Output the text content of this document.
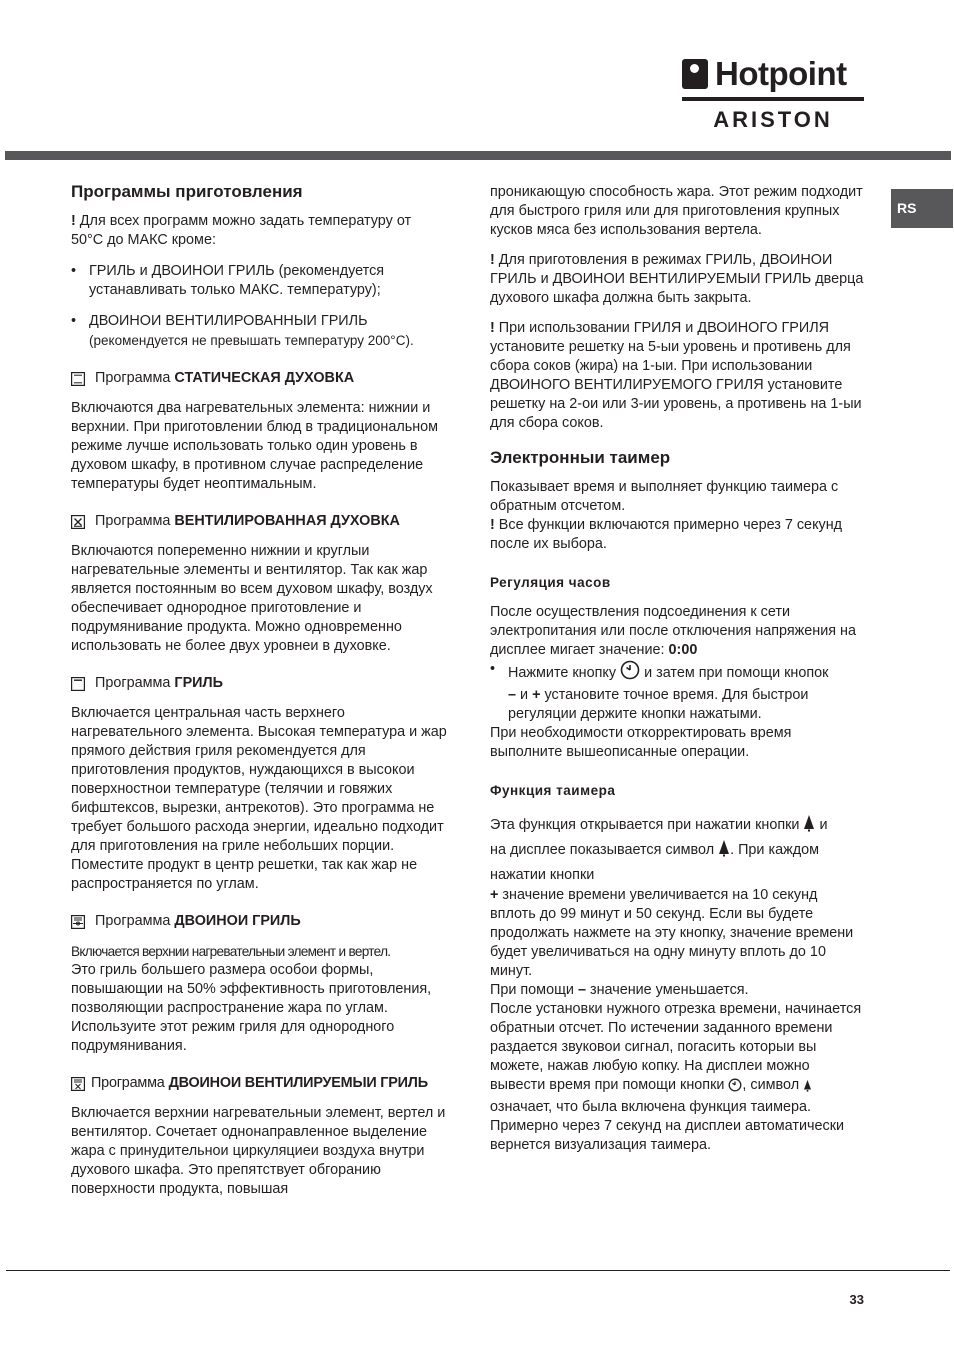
Hotpoint
ARISTON
RS
Программы приготовления

! Для всех программ можно задать температуру от 50°С до МАКС кроме:

• ГРИЛЬ и ДВОИНОИ ГРИЛЬ (рекомендуется устанавливать только МАКС. температуру);
• ДВОИНОИ ВЕНТИЛИРОВАННЫИ ГРИЛЬ
(рекомендуется не превышать температуру 200°С).
Программа СТАТИЧЕСКАЯ ДУХОВКА

Включаются два нагревательных элемента: нижнии и верхнии. При приготовлении блюд в традициональном режиме лучше использовать только один уровень в духовом шкафу, в противном случае распределение температуры будет неоптимальным.

Программа ВЕНТИЛИРОВАННАЯ ДУХОВКА

Включаются поперемeнно нижнии и круглыи нагревательные элементы и вентилятор. Так как жар является постоянным во всем духовом шкафу, воздух обеспечивает однородное приготовление и подрумянивание продукта. Можно одновременно использовать не более двух уровнеи в духовке.

Программа ГРИЛЬ

Включается центральная часть верхнего нагревательного элемента. Высокая температура и жар прямого действия гриля рекомендуется для приготовления продуктов, нуждающихся в высокои поверхностнои температуре (телячии и говяжих бифштексов, вырезки, антрекотов). Это программа не требует большого расхода энергии, идеально подходит для приготовления на гриле небольших порции. Поместите продукт в центр решетки, так как жар не распространяется по углам.

Программа ДВОИНОИ ГРИЛЬ

Включается верхнии нагревательныи элемент и вертел.

Это гриль большего размера особои формы, повышающии на 50% эффективность приготовления, позволяющии распространение жара по углам. Используите этот режим гриля для однородного подрумянивания.

Программа ДВОИНОИ ВЕНТИЛИРУЕМЫИ ГРИЛЬ

Включается верхнии нагревательныи элемент, вертел и вентилятор. Сочетает однонаправленное выделение жара с принудительнои циркуляциеи воздуха внутри духового шкафа. Это препятствует обгоранию поверхности продукта, повышая

проникающую способность жара. Этот режим подходит для быстрого гриля или для приготовления крупных кусков мяса без использования вертела.

! Для приготовления в режимах ГРИЛЬ, ДВОИНОИ ГРИЛЬ и ДВОИНОИ ВЕНТИЛИРУЕМЫИ ГРИЛЬ дверца духового шкафа должна быть закрыта.

! При использовании ГРИЛЯ и ДВОИНОГО ГРИЛЯ установите решетку на 5-ыи уровень и противень для сбора соков (жира) на 1-ыи. При использовании ДВОИНОГО ВЕНТИЛИРУЕМОГО ГРИЛЯ установите решетку на 2-ои или 3-ии уровень, а противень на 1-ыи для сбора соков.

Электронныи таимер

Показывает время и выполняет функцию таимера с обратным отсчетом.

! Все функции включаются примерно через 7 секунд после их выбора.

Регуляция часов

После осуществления подсоединения к сети электропитания или после отключения напряжения на дисплее мигает значение: 0:00

• Нажмите кнопку  и затем при помощи кнопок
– и + установите точное время. Для быстрои регуляции держите кнопки нажатыми.

При необходимости откорректировать время выполните вышеописанные операции.

Функция таимера

Эта функция открывается при нажатии кнопки  и
на дисплее показывается символ . При каждом нажатии кнопки

+ значение времени увеличивается на 10 секунд вплоть до 99 минут и 50 секунд. Если вы будете продолжать нажмете на эту кнопку, значение времени будет увеличиваться на одну минуту вплоть до 10 минут.
При помощи – значение уменьшается.
После установки нужного отрезка времени, начинается обратныи отсчет. По истечении заданного времени раздается звуковои сигнал, погасить которыи вы можете, нажав любую копку. На дисплеи можно вывести время при помощи кнопки , символ  означает, что была включена функция таимера. Примерно через 7 секунд на дисплеи автоматически вернется визуализация таимера.

33
